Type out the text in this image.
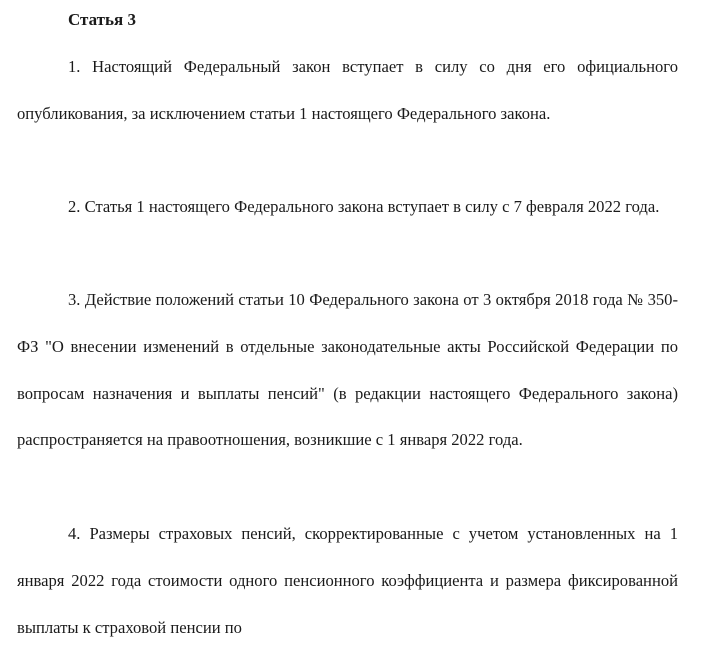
Статья 3

1. Настоящий Федеральный закон вступает в силу со дня его официального опубликования, за исключением статьи 1 настоящего Федерального закона.

2. Статья 1 настоящего Федерального закона вступает в силу с 7 февраля 2022 года.

3. Действие положений статьи 10 Федерального закона от 3 октября 2018 года № 350-ФЗ "О внесении изменений в отдельные законодательные акты Российской Федерации по вопросам назначения и выплаты пенсий" (в редакции настоящего Федерального закона) распространяется на правоотношения, возникшие с 1 января 2022 года.

4. Размеры страховых пенсий, скорректированные с учетом установленных на 1 января 2022 года стоимости одного пенсионного коэффициента и размера фиксированной выплаты к страховой пенсии по
